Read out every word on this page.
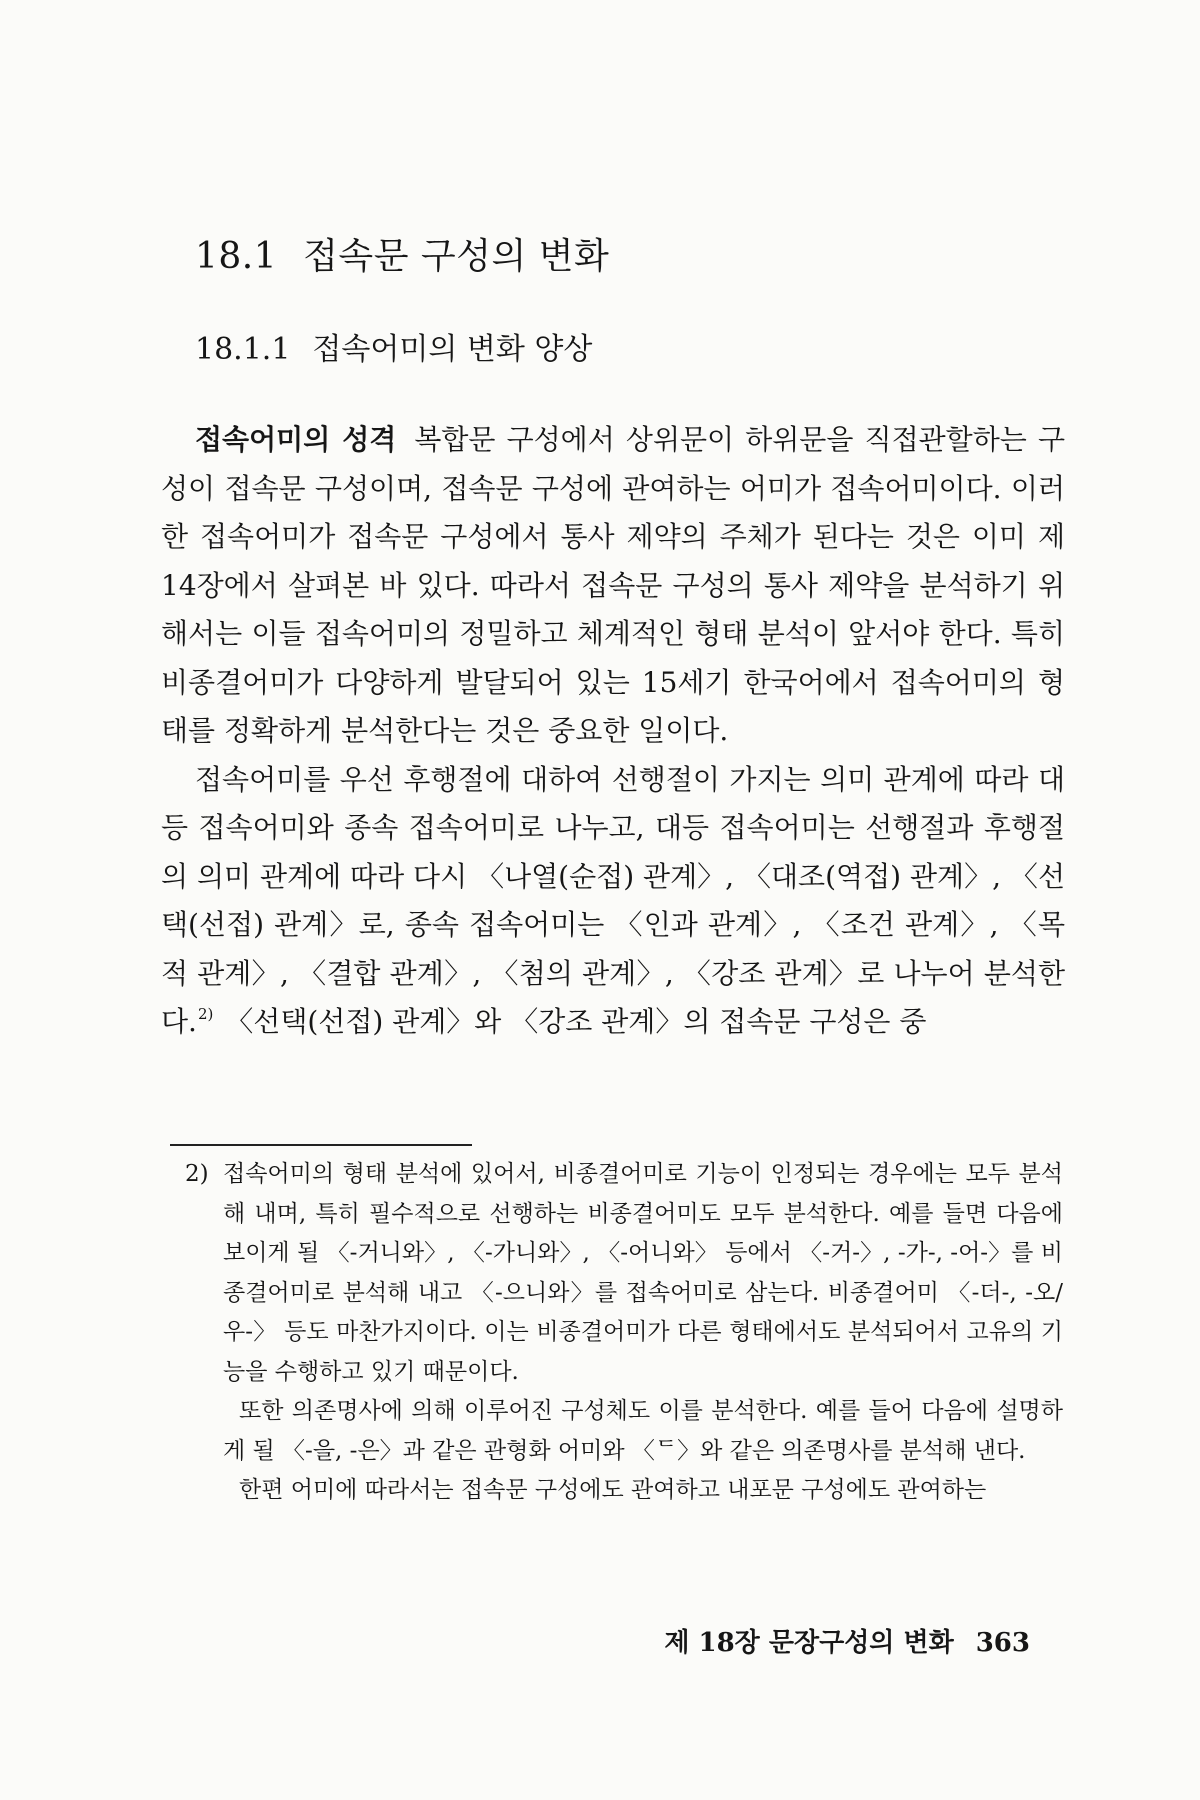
18.1 접속문 구성의 변화
18.1.1 접속어미의 변화 양상

접속어미의 성격 복합문 구성에서 상위문이 하위문을 직접관할하는 구성이 접속문 구성이며, 접속문 구성에 관여하는 어미가 접속어미이다. 이러한 접속어미가 접속문 구성에서 통사 제약의 주체가 된다는 것은 이미 제14장에서 살펴본 바 있다. 따라서 접속문 구성의 통사 제약을 분석하기 위해서는 이들 접속어미의 정밀하고 체계적인 형태 분석이 앞서야 한다. 특히 비종결어미가 다양하게 발달되어 있는 15세기 한국어에서 접속어미의 형태를 정확하게 분석한다는 것은 중요한 일이다.

접속어미를 우선 후행절에 대하여 선행절이 가지는 의미 관계에 따라 대등 접속어미와 종속 접속어미로 나누고, 대등 접속어미는 선행절과 후행절의 의미 관계에 따라 다시 〈나열(순접) 관계〉, 〈대조(역접) 관계〉, 〈선택(선접) 관계〉로, 종속 접속어미는 〈인과 관계〉, 〈조건 관계〉, 〈목적 관계〉, 〈결합 관계〉, 〈첨의 관계〉, 〈강조 관계〉로 나누어 분석한다.$^{2)}$ 〈선택(선접) 관계〉와 〈강조 관계〉의 접속문 구성은 중

2) 접속어미의 형태 분석에 있어서, 비종결어미로 기능이 인정되는 경우에는 모두 분석해 내며, 특히 필수적으로 선행하는 비종결어미도 모두 분석한다. 예를 들면 다음에 보이게 될 〈-거니와〉, 〈-가니와〉, 〈-어니와〉 등에서 〈-거-〉, -가-, -어-〉를 비종결어미로 분석해 내고 〈-으니와〉를 접속어미로 삼는다. 비종결어미 〈-더-, -오/우-〉 등도 마찬가지이다. 이는 비종결어미가 다른 형태에서도 분석되어서 고유의 기능을 수행하고 있기 때문이다.

또한 의존명사에 의해 이루어진 구성체도 이를 분석한다. 예를 들어 다음에 설명하게 될 〈-을, -은〉과 같은 관형화 어미와 〈ᄃ〉와 같은 의존명사를 분석해 낸다.

한편 어미에 따라서는 접속문 구성에도 관여하고 내포문 구성에도 관여하는

제 18장 문장구성의 변화 363
